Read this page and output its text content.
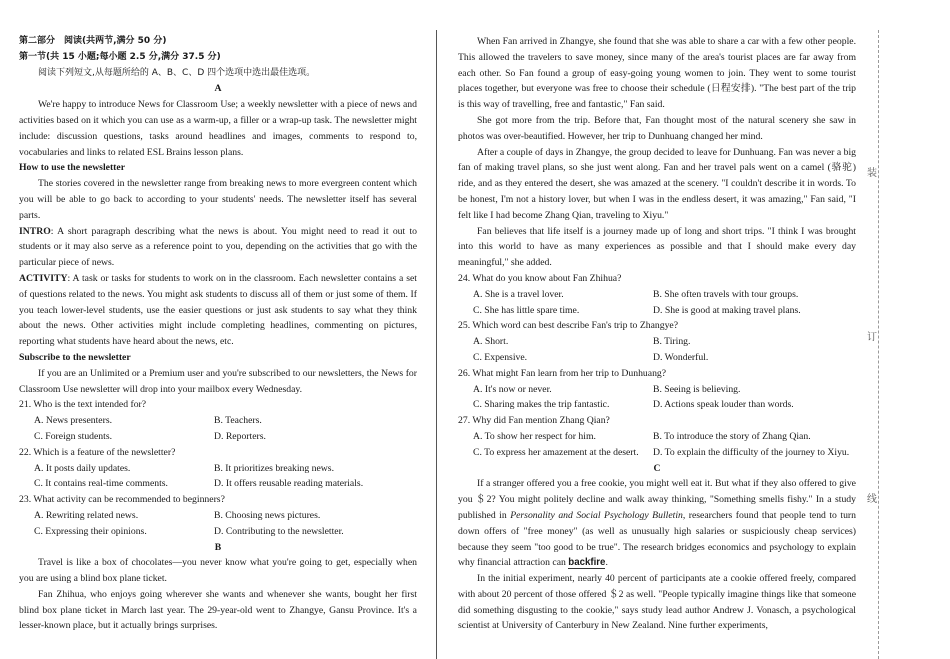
第二部分　阅读(共两节,满分 50 分)
第一节(共 15 小题;每小题 2.5 分,满分 37.5 分)
阅读下列短文,从每题所给的 A、B、C、D 四个选项中选出最佳选项。
A

We're happy to introduce News for Classroom Use; a weekly newsletter with a piece of news and activities based on it which you can use as a warm-up, a filler or a wrap-up task. The newsletter might include: discussion questions, tasks around headlines and images, comments to respond to, vocabularies and links to related ESL Brains lesson plans.

How to use the newsletter

The stories covered in the newsletter range from breaking news to more evergreen content which you will be able to go back to according to your students' needs. The newsletter itself has several parts.

INTRO: A short paragraph describing what the news is about. You might need to read it out to students or it may also serve as a reference point to you, depending on the activities that go with the particular piece of news.

ACTIVITY: A task or tasks for students to work on in the classroom. Each newsletter contains a set of questions related to the news. You might ask students to discuss all of them or just some of them. If you teach lower-level students, use the easier questions or just ask students to say what they think about the news. Other activities might include completing headlines, commenting on pictures, reporting what students have heard about the news, etc.

Subscribe to the newsletter

If you are an Unlimited or a Premium user and you're subscribed to our newsletters, the News for Classroom Use newsletter will drop into your mailbox every Wednesday.

21. Who is the text intended for?
A. News presenters.	B. Teachers.
C. Foreign students.	D. Reporters.
22. Which is a feature of the newsletter?
A. It posts daily updates.	B. It prioritizes breaking news.
C. It contains real-time comments.	D. It offers reusable reading materials.
23. What activity can be recommended to beginners?
A. Rewriting related news.	B. Choosing news pictures.
C. Expressing their opinions.	D. Contributing to the newsletter.
B

Travel is like a box of chocolates—you never know what you're going to get, especially when you are using a blind box plane ticket.

Fan Zhihua, who enjoys going wherever she wants and whenever she wants, bought her first blind box plane ticket in March last year. The 29-year-old went to Zhangye, Gansu Province. It's a lesser-known place, but it actually brings surprises.

When Fan arrived in Zhangye, she found that she was able to share a car with a few other people. This allowed the travelers to save money, since many of the area's tourist places are far away from each other. So Fan found a group of easy-going young women to join. They went to some tourist places together, but everyone was free to choose their schedule (日程安排). "The best part of the trip is this way of travelling, free and fantastic," Fan said.

She got more from the trip. Before that, Fan thought most of the natural scenery she saw in photos was over-beautified. However, her trip to Dunhuang changed her mind.

After a couple of days in Zhangye, the group decided to leave for Dunhuang. Fan was never a big fan of making travel plans, so she just went along. Fan and her travel pals went on a camel (骆驼) ride, and as they entered the desert, she was amazed at the scenery. "I couldn't describe it in words. To be honest, I'm not a history lover, but when I was in the endless desert, it was amazing," Fan said, "I felt like I had become Zhang Qian, traveling to Xiyu."

Fan believes that life itself is a journey made up of long and short trips. "I think I was brought into this world to have as many experiences as possible and that I should make every day meaningful," she added.

24. What do you know about Fan Zhihua?
A. She is a travel lover.	B. She often travels with tour groups.
C. She has little spare time.	D. She is good at making travel plans.
25. Which word can best describe Fan's trip to Zhangye?
A. Short.	B. Tiring.
C. Expensive.	D. Wonderful.
26. What might Fan learn from her trip to Dunhuang?
A. It's now or never.	B. Seeing is believing.
C. Sharing makes the trip fantastic.	D. Actions speak louder than words.
27. Why did Fan mention Zhang Qian?
A. To show her respect for him.	B. To introduce the story of Zhang Qian.
C. To express her amazement at the desert.	D. To explain the difficulty of the journey to Xiyu.
C

If a stranger offered you a free cookie, you might well eat it. But what if they also offered to give you ＄2? You might politely decline and walk away thinking, "Something smells fishy." In a study published in Personality and Social Psychology Bulletin, researchers found that people tend to turn down offers of "free money" (as well as unusually high salaries or suspiciously cheap services) because they seem "too good to be true". The research bridges economics and psychology to explain why financial attraction can backfire.

In the initial experiment, nearly 40 percent of participants ate a cookie offered freely, compared with about 20 percent of those offered ＄2 as well. "People typically imagine things like that someone did something disgusting to the cookie," says study lead author Andrew J. Vonasch, a psychological scientist at University of Canterbury in New Zealand. Nine further experiments,

装
订
线
